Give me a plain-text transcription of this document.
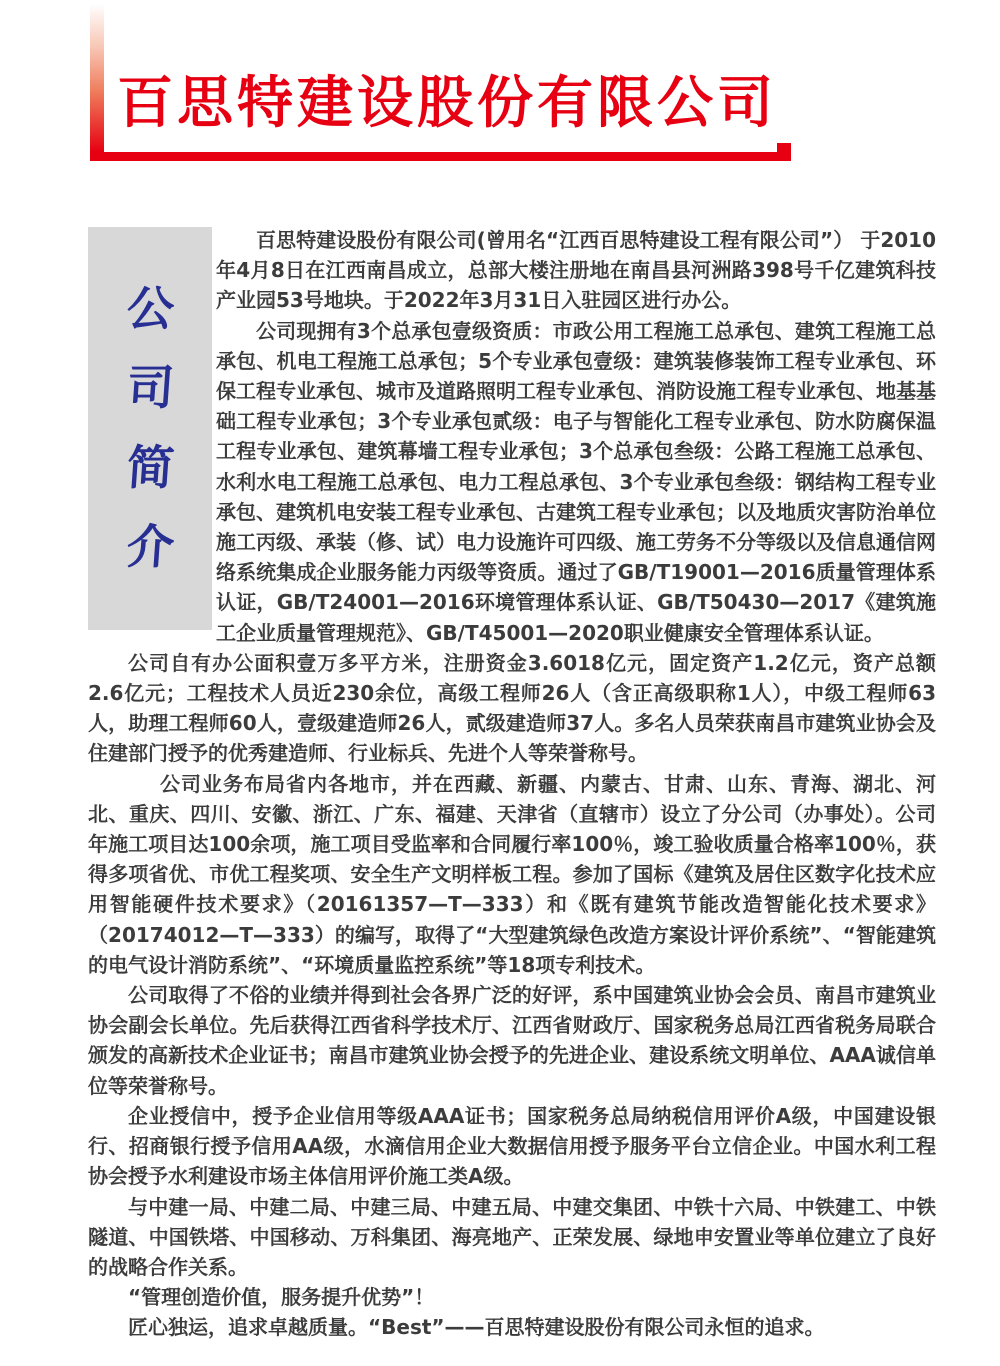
百思特建设股份有限公司
公
司
简
介

百思特建设股份有限公司(曾用名“江西百思特建设工程有限公司”） 于2010年4月8日在江西南昌成立，总部大楼注册地在南昌县河洲路398号千亿建筑科技产业园53号地块。于2022年3月31日入驻园区进行办公。

公司现拥有3个总承包壹级资质：市政公用工程施工总承包、建筑工程施工总承包、机电工程施工总承包；5个专业承包壹级：建筑装修装饰工程专业承包、环保工程专业承包、城市及道路照明工程专业承包、消防设施工程专业承包、地基基础工程专业承包；3个专业承包贰级：电子与智能化工程专业承包、防水防腐保温工程专业承包、建筑幕墙工程专业承包；3个总承包叁级：公路工程施工总承包、水利水电工程施工总承包、电力工程总承包、3个专业承包叁级：钢结构工程专业承包、建筑机电安装工程专业承包、古建筑工程专业承包；以及地质灾害防治单位施工丙级、承装（修、试）电力设施许可四级、施工劳务不分等级以及信息通信网络系统集成企业服务能力丙级等资质。通过了GB/T19001—2016质量管理体系认证，GB/T24001—2016环境管理体系认证、GB/T50430—2017《建筑施工企业质量管理规范》、GB/T45001—2020职业健康安全管理体系认证。

公司自有办公面积壹万多平方米，注册资金3.6018亿元，固定资产1.2亿元，资产总额2.6亿元；工程技术人员近230余位，高级工程师26人（含正高级职称1人），中级工程师63人，助理工程师60人，壹级建造师26人，贰级建造师37人。多名人员荣获南昌市建筑业协会及住建部门授予的优秀建造师、行业标兵、先进个人等荣誉称号。

公司业务布局省内各地市，并在西藏、新疆、内蒙古、甘肃、山东、青海、湖北、河北、重庆、四川、安徽、浙江、广东、福建、天津省（直辖市）设立了分公司（办事处）。公司年施工项目达100余项，施工项目受监率和合同履行率100％，竣工验收质量合格率100％，获得多项省优、市优工程奖项、安全生产文明样板工程。参加了国标《建筑及居住区数字化技术应用智能硬件技术要求》（20161357—T—333）和《既有建筑节能改造智能化技术要求》（20174012—T—333）的编写，取得了“大型建筑绿色改造方案设计评价系统”、“智能建筑的电气设计消防系统”、“环境质量监控系统”等18项专利技术。

公司取得了不俗的业绩并得到社会各界广泛的好评，系中国建筑业协会会员、南昌市建筑业协会副会长单位。先后获得江西省科学技术厅、江西省财政厅、国家税务总局江西省税务局联合颁发的高新技术企业证书；南昌市建筑业协会授予的先进企业、建设系统文明单位、AAA诚信单位等荣誉称号。

企业授信中，授予企业信用等级AAA证书；国家税务总局纳税信用评价A级，中国建设银行、招商银行授予信用AA级，水滴信用企业大数据信用授予服务平台立信企业。中国水利工程协会授予水利建设市场主体信用评价施工类A级。

与中建一局、中建二局、中建三局、中建五局、中建交集团、中铁十六局、中铁建工、中铁隧道、中国铁塔、中国移动、万科集团、海亮地产、正荣发展、绿地申安置业等单位建立了良好的战略合作关系。

“管理创造价值，服务提升优势”！

匠心独运，追求卓越质量。“Best”——百思特建设股份有限公司永恒的追求。
